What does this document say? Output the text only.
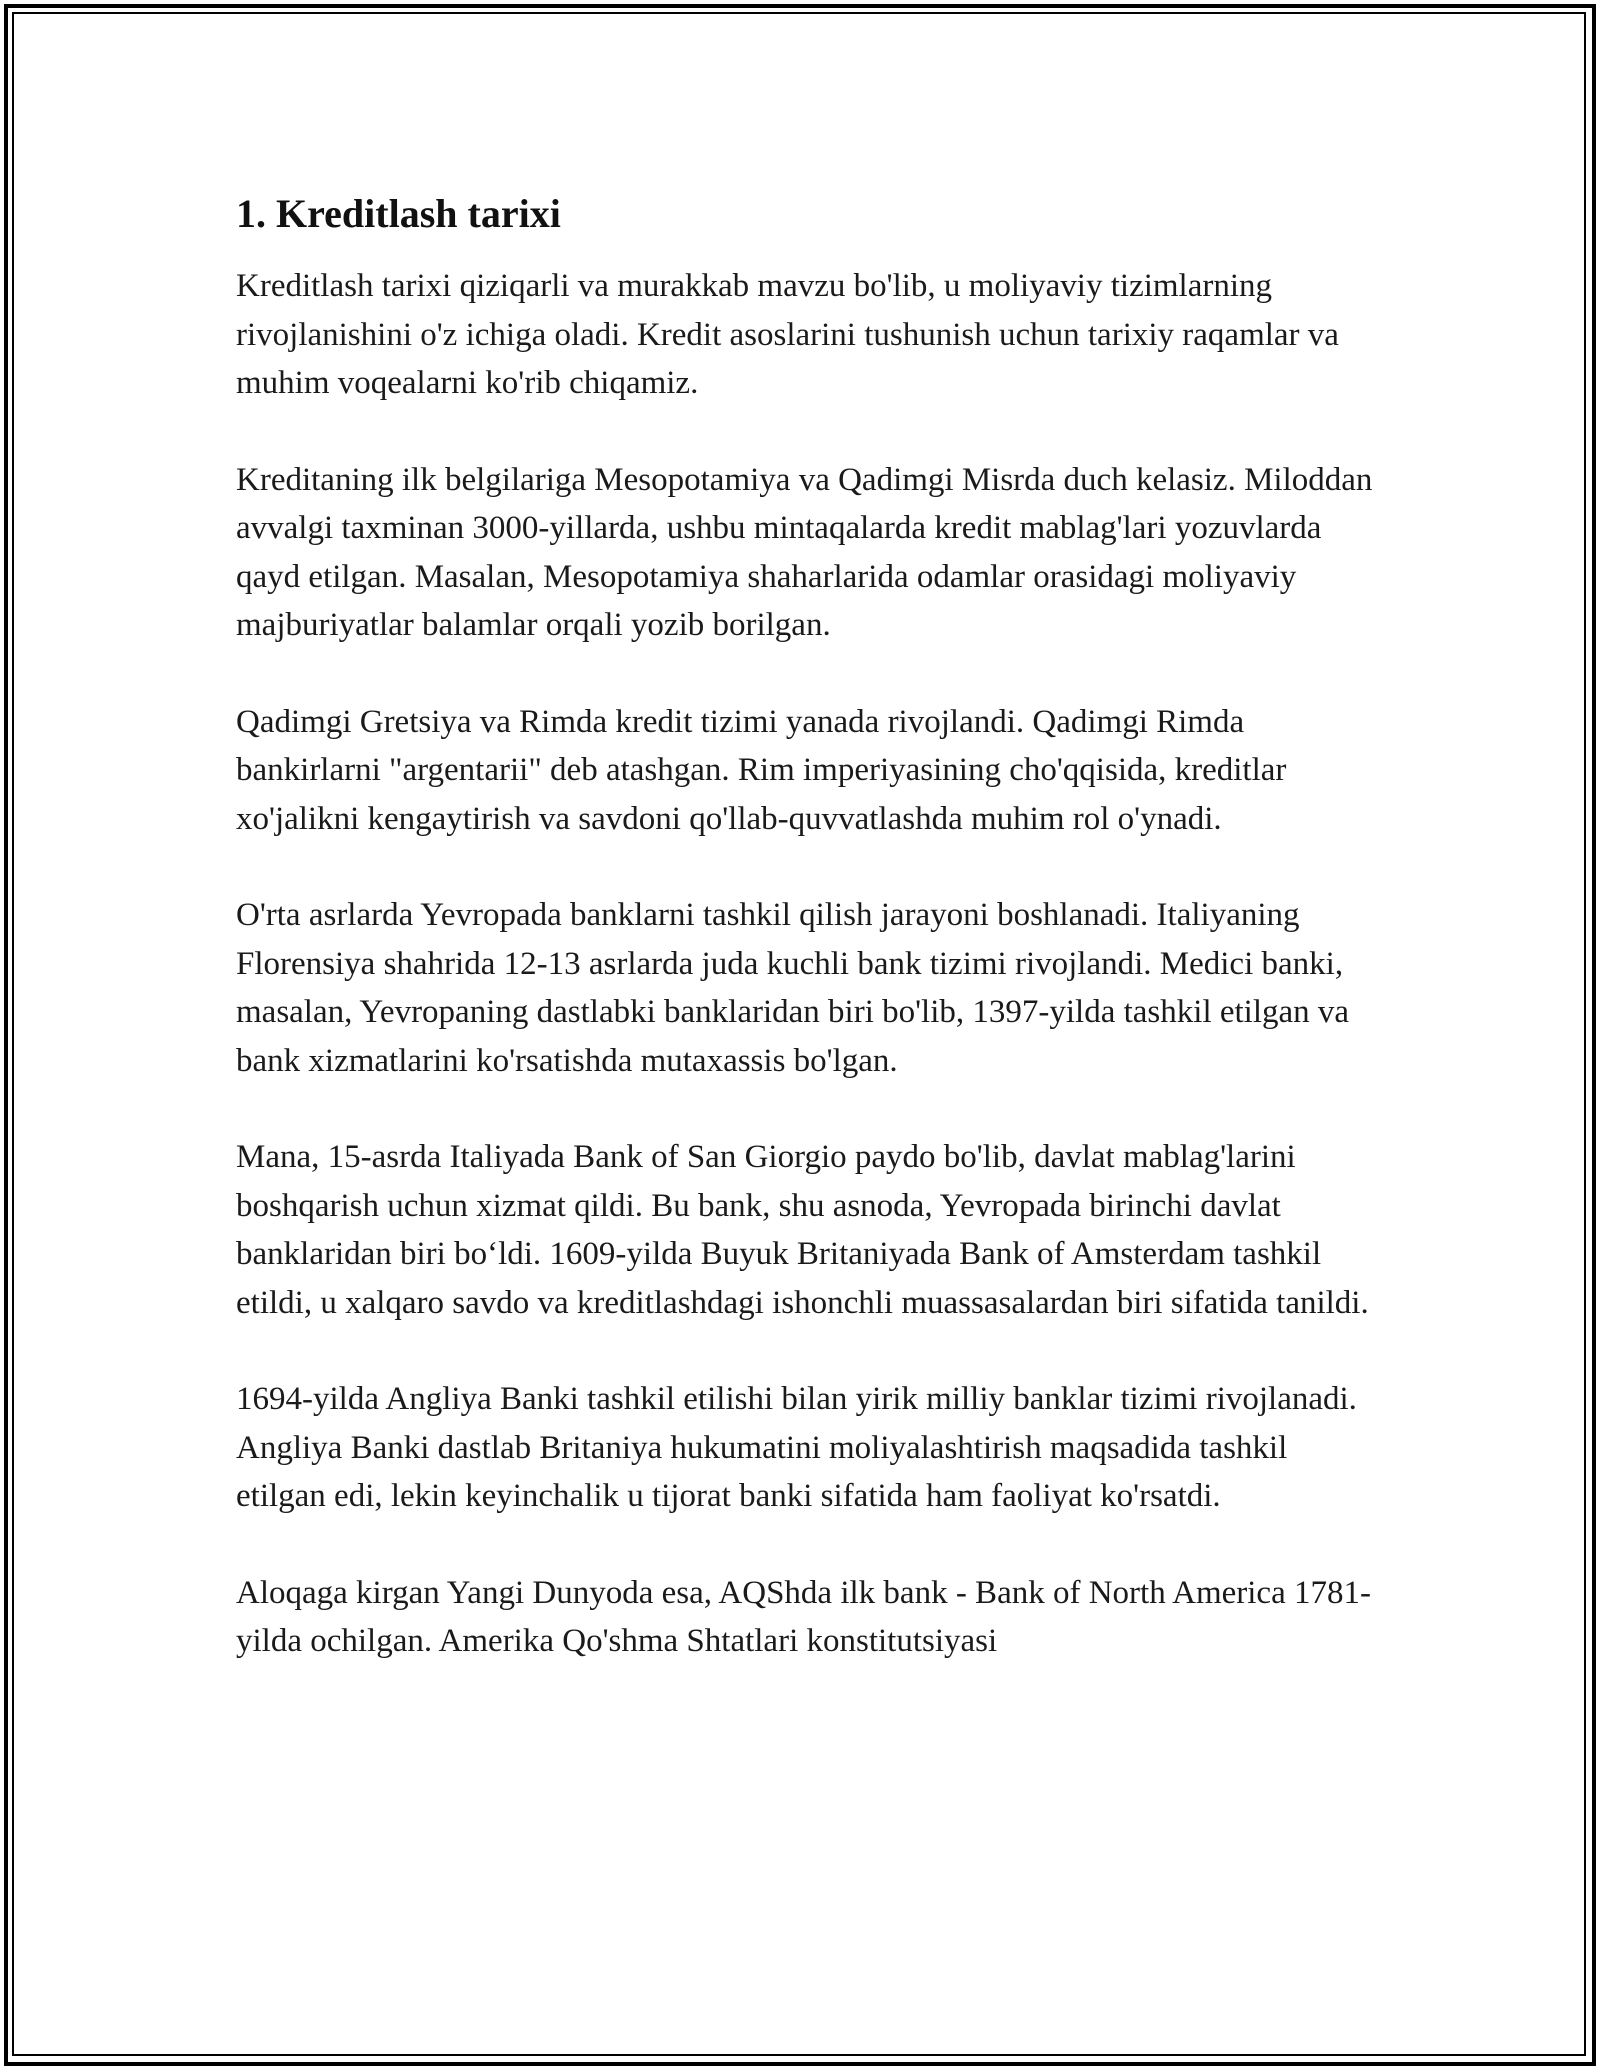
1. Kreditlash tarixi

Kreditlash tarixi qiziqarli va murakkab mavzu bo'lib, u moliyaviy tizimlarning rivojlanishini o'z ichiga oladi. Kredit asoslarini tushunish uchun tarixiy raqamlar va muhim voqealarni ko'rib chiqamiz.

Kreditaning ilk belgilariga Mesopotamiya va Qadimgi Misrda duch kelasiz. Miloddan avvalgi taxminan 3000-yillarda, ushbu mintaqalarda kredit mablag'lari yozuvlarda qayd etilgan. Masalan, Mesopotamiya shaharlarida odamlar orasidagi moliyaviy majburiyatlar balamlar orqali yozib borilgan.

Qadimgi Gretsiya va Rimda kredit tizimi yanada rivojlandi. Qadimgi Rimda bankirlarni "argentarii" deb atashgan. Rim imperiyasining cho'qqisida, kreditlar xo'jalikni kengaytirish va savdoni qo'llab-quvvatlashda muhim rol o'ynadi.

O'rta asrlarda Yevropada banklarni tashkil qilish jarayoni boshlanadi. Italiyaning Florensiya shahrida 12-13 asrlarda juda kuchli bank tizimi rivojlandi. Medici banki, masalan, Yevropaning dastlabki banklaridan biri bo'lib, 1397-yilda tashkil etilgan va bank xizmatlarini ko'rsatishda mutaxassis bo'lgan.

Mana, 15-asrda Italiyada Bank of San Giorgio paydo bo'lib, davlat mablag'larini boshqarish uchun xizmat qildi. Bu bank, shu asnoda, Yevropada birinchi davlat banklaridan biri bo‘ldi. 1609-yilda Buyuk Britaniyada Bank of Amsterdam tashkil etildi, u xalqaro savdo va kreditlashdagi ishonchli muassasalardan biri sifatida tanildi.

1694-yilda Angliya Banki tashkil etilishi bilan yirik milliy banklar tizimi rivojlanadi. Angliya Banki dastlab Britaniya hukumatini moliyalashtirish maqsadida tashkil etilgan edi, lekin keyinchalik u tijorat banki sifatida ham faoliyat ko'rsatdi.

Aloqaga kirgan Yangi Dunyoda esa, AQShda ilk bank - Bank of North America 1781-yilda ochilgan. Amerika Qo'shma Shtatlari konstitutsiyasi
